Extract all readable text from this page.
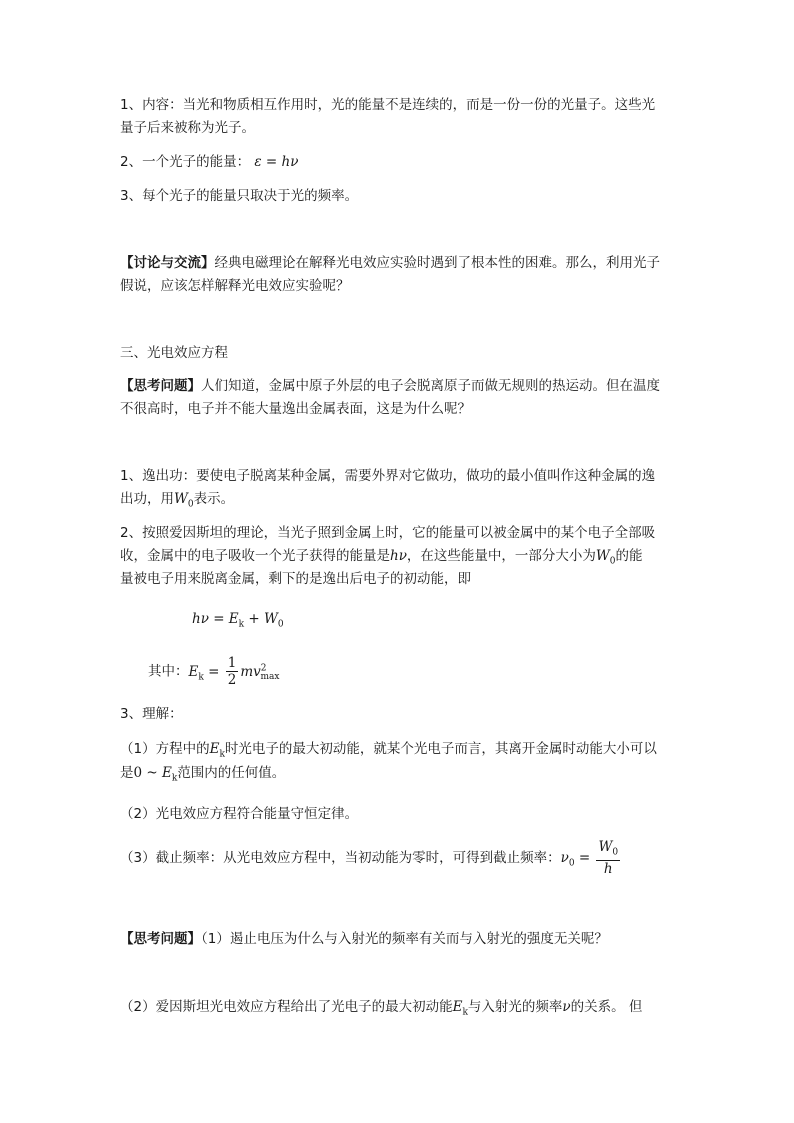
1、内容：当光和物质相互作用时，光的能量不是连续的，而是一份一份的光量子。这些光
量子后来被称为光子。
2、一个光子的能量： ε = hν
3、每个光子的能量只取决于光的频率。
【讨论与交流】经典电磁理论在解释光电效应实验时遇到了根本性的困难。那么，利用光子
假说，应该怎样解释光电效应实验呢？
三、光电效应方程
【思考问题】人们知道，金属中原子外层的电子会脱离原子而做无规则的热运动。但在温度
不很高时，电子并不能大量逸出金属表面，这是为什么呢？
1、逸出功：要使电子脱离某种金属，需要外界对它做功，做功的最小值叫作这种金属的逸
出功，用$W_0$表示。
2、按照爱因斯坦的理论，当光子照到金属上时，它的能量可以被金属中的某个电子全部吸
收，金属中的电子吸收一个光子获得的能量是hν，在这些能量中，一部分大小为$W_0$的能
量被电子用来脱离金属，剩下的是逸出后电子的初动能，即
$h\nu = E_k + W_0$
其中：$E_k = \frac{1}{2} mv^2_{max}$
3、理解：
（1）方程中的$E_k$时光电子的最大初动能，就某个光电子而言，其离开金属时动能大小可以
是0 ~ $E_k$范围内的任何值。
（2）光电效应方程符合能量守恒定律。
（3）截止频率：从光电效应方程中，当初动能为零时，可得到截止频率：$\nu_0 = \frac{W_0}{h}$
【思考问题】（1）遏止电压为什么与入射光的频率有关而与入射光的强度无关呢？
（2）爱因斯坦光电效应方程给出了光电子的最大初动能$E_k$与入射光的频率ν的关系。 但
